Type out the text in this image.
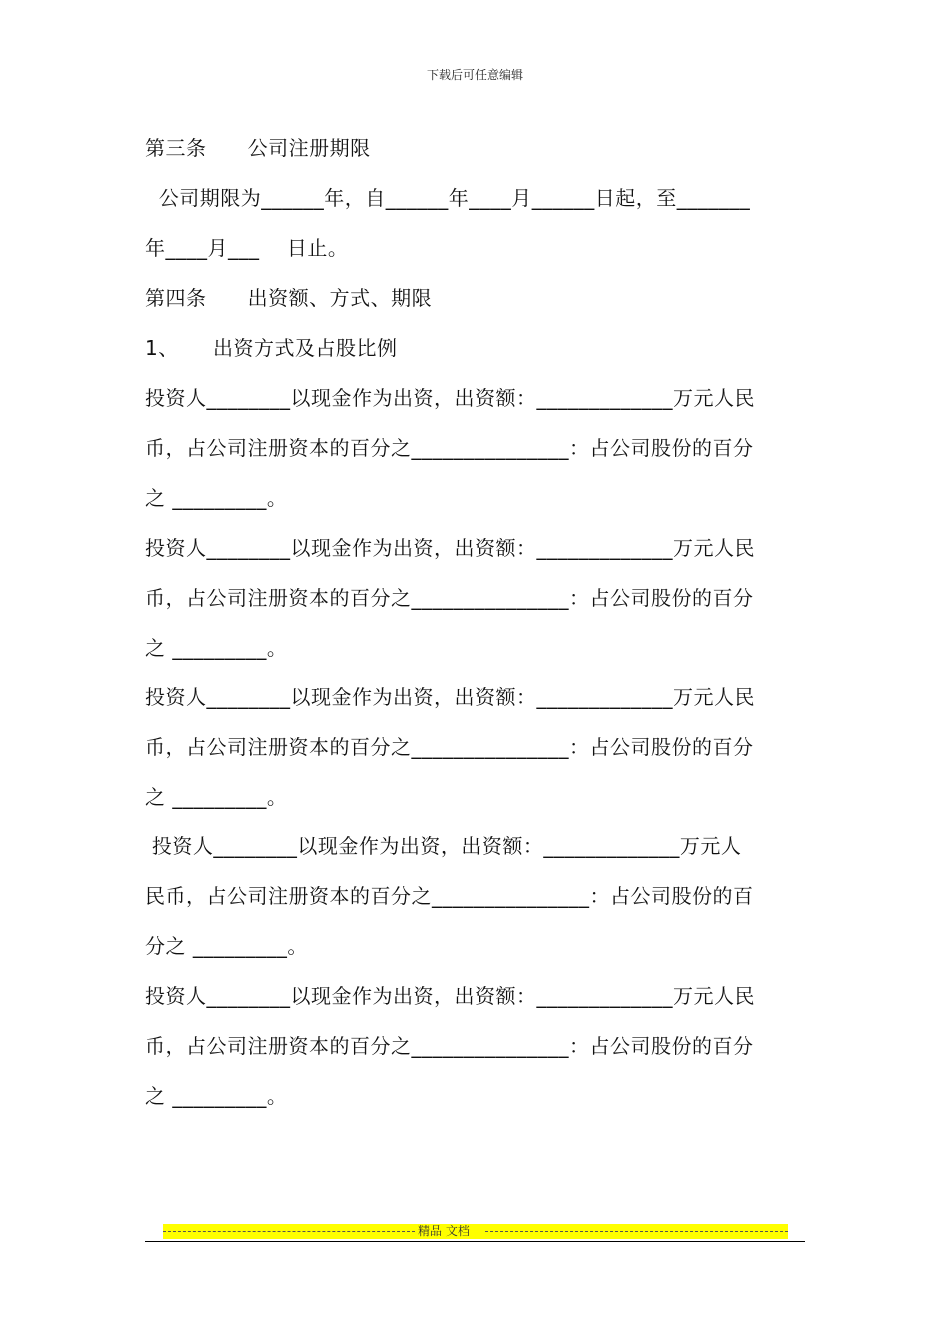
下载后可任意编辑
第三条      公司注册期限
公司期限为______年，自______年____月______日起，至_______
年____月___    日止。
第四条      出资额、方式、期限
1、     出资方式及占股比例
投资人________以现金作为出资，出资额：_____________万元人民
币，占公司注册资本的百分之_______________：占公司股份的百分
之 _________。
投资人________以现金作为出资，出资额：_____________万元人民
币，占公司注册资本的百分之_______________：占公司股份的百分
之 _________。
投资人________以现金作为出资，出资额：_____________万元人民
币，占公司注册资本的百分之_______________：占公司股份的百分
之 _________。
投资人________以现金作为出资，出资额：_____________万元人
民币，占公司注册资本的百分之_______________：占公司股份的百
分之 _________。
投资人________以现金作为出资，出资额：_____________万元人民
币，占公司注册资本的百分之_______________：占公司股份的百分
之 _________。
精品 文档
